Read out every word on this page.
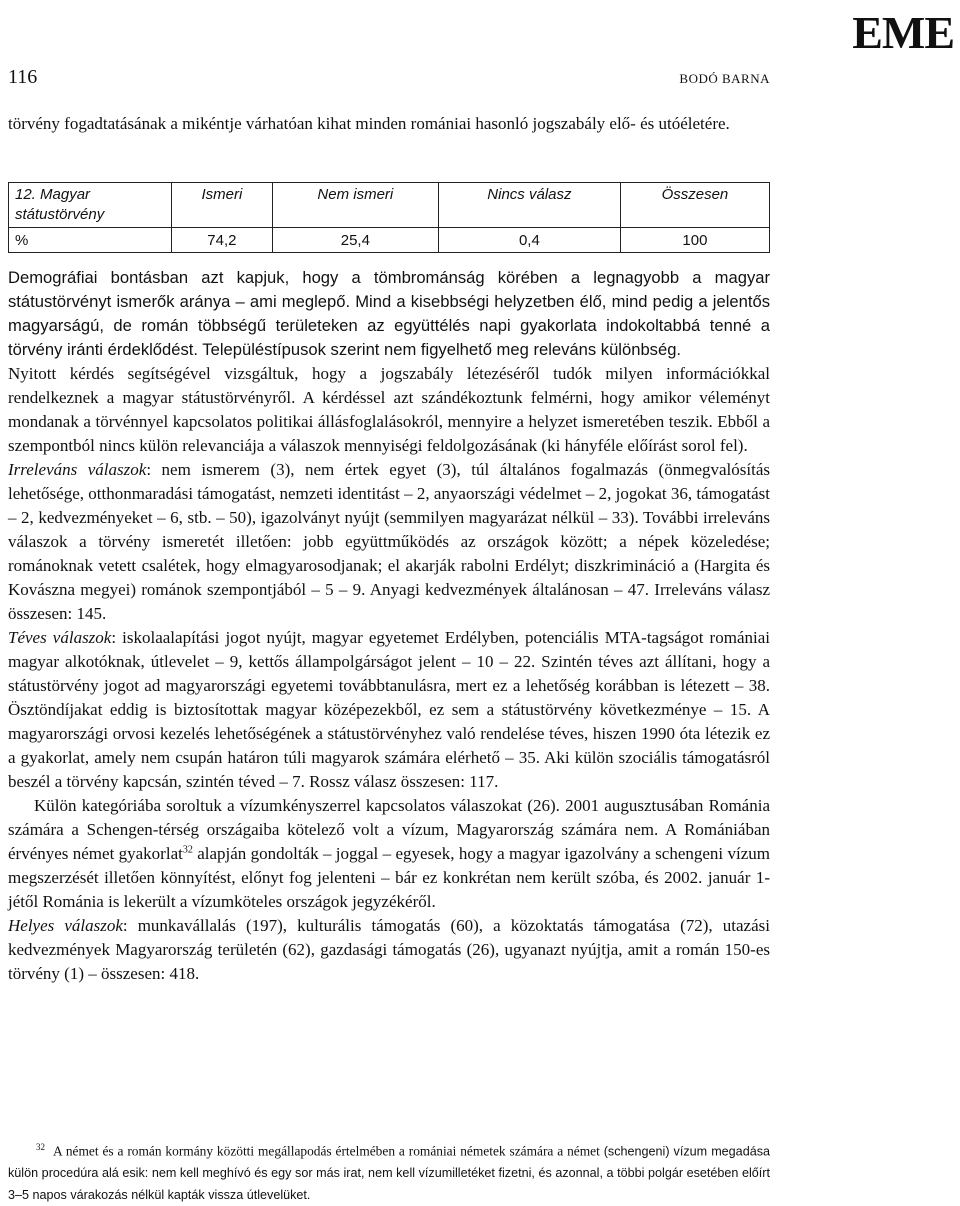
EME
116	BODÓ BARNA

törvény fogadtatásának a mikéntje várhatóan kihat minden romániai hasonló jogszabály elő- és utóéletére.

12. Magyar státustörvény	Ismeri	Nem ismeri	Nincs válasz	Összesen
%	74,2	25,4	0,4	100

Demográfiai bontásban azt kapjuk, hogy a tömbrománság körében a legnagyobb a magyar státustörvényt ismerők aránya – ami meglepő. Mind a kisebbségi helyzetben élő, mind pedig a jelentős magyarságú, de román többségű területeken az együttélés napi gyakorlata indokoltabbá tenné a törvény iránti érdeklődést. Településtípusok szerint nem figyelhető meg releváns különbség.

Nyitott kérdés segítségével vizsgáltuk, hogy a jogszabály létezéséről tudók milyen információkkal rendelkeznek a magyar státustörvényről. A kérdéssel azt szándékoztunk felmérni, hogy amikor véleményt mondanak a törvénnyel kapcsolatos politikai állásfoglalásokról, mennyire a helyzet ismeretében teszik. Ebből a szempontból nincs külön relevanciája a válaszok mennyiségi feldolgozásának (ki hányféle előírást sorol fel).

Irreleváns válaszok: nem ismerem (3), nem értek egyet (3), túl általános fogalmazás (önmegvalósítás lehetősége, otthonmaradási támogatást, nemzeti identitást – 2, anyaországi védelmet – 2, jogokat 36, támogatást – 2, kedvezményeket – 6, stb. – 50), igazolványt nyújt (semmilyen magyarázat nélkül – 33). További irreleváns válaszok a törvény ismeretét illetően: jobb együttműködés az országok között; a népek közeledése; románoknak vetett csalétek, hogy elmagyarosodjanak; el akarják rabolni Erdélyt; diszkrimináció a (Hargita és Kovászna megyei) románok szempontjából – 5 – 9. Anyagi kedvezmények általánosan – 47. Irreleváns válasz összesen: 145.

Téves válaszok: iskolaalapítási jogot nyújt, magyar egyetemet Erdélyben, potenciális MTA-tagságot romániai magyar alkotóknak, útlevelet – 9, kettős állampolgárságot jelent – 10 – 22. Szintén téves azt állítani, hogy a státustörvény jogot ad magyarországi egyetemi továbbtanulásra, mert ez a lehetőség korábban is létezett – 38. Ösztöndíjakat eddig is biztosítottak magyar középezekből, ez sem a státustörvény következménye – 15. A magyarországi orvosi kezelés lehetőségének a státustörvényhez való rendelése téves, hiszen 1990 óta létezik ez a gyakorlat, amely nem csupán határon túli magyarok számára elérhető – 35. Aki külön szociális támogatásról beszél a törvény kapcsán, szintén téved – 7. Rossz válasz összesen: 117.

Külön kategóriába soroltuk a vízumkényszerrel kapcsolatos válaszokat (26). 2001 augusztusában Románia számára a Schengen-térség országaiba kötelező volt a vízum, Magyarország számára nem. A Romániában érvényes német gyakorlat$^{32}$ alapján gondolták – joggal – egyesek, hogy a magyar igazolvány a schengeni vízum megszerzését illetően könnyítést, előnyt fog jelenteni – bár ez konkrétan nem került szóba, és 2002. január 1-jétől Románia is lekerült a vízumköteles országok jegyzékéről.

Helyes válaszok: munkavállalás (197), kulturális támogatás (60), a közoktatás támogatása (72), utazási kedvezmények Magyarország területén (62), gazdasági támogatás (26), ugyanazt nyújtja, amit a román 150-es törvény (1) – összesen: 418.

$^{32}$ A német és a román kormány közötti megállapodás értelmében a romániai németek számára a német (schengeni) vízum megadása külön procedúra alá esik: nem kell meghívó és egy sor más irat, nem kell vízumilletéket fizetni, és azonnal, a többi polgár esetében előírt 3–5 napos várakozás nélkül kapták vissza útlevelüket.
